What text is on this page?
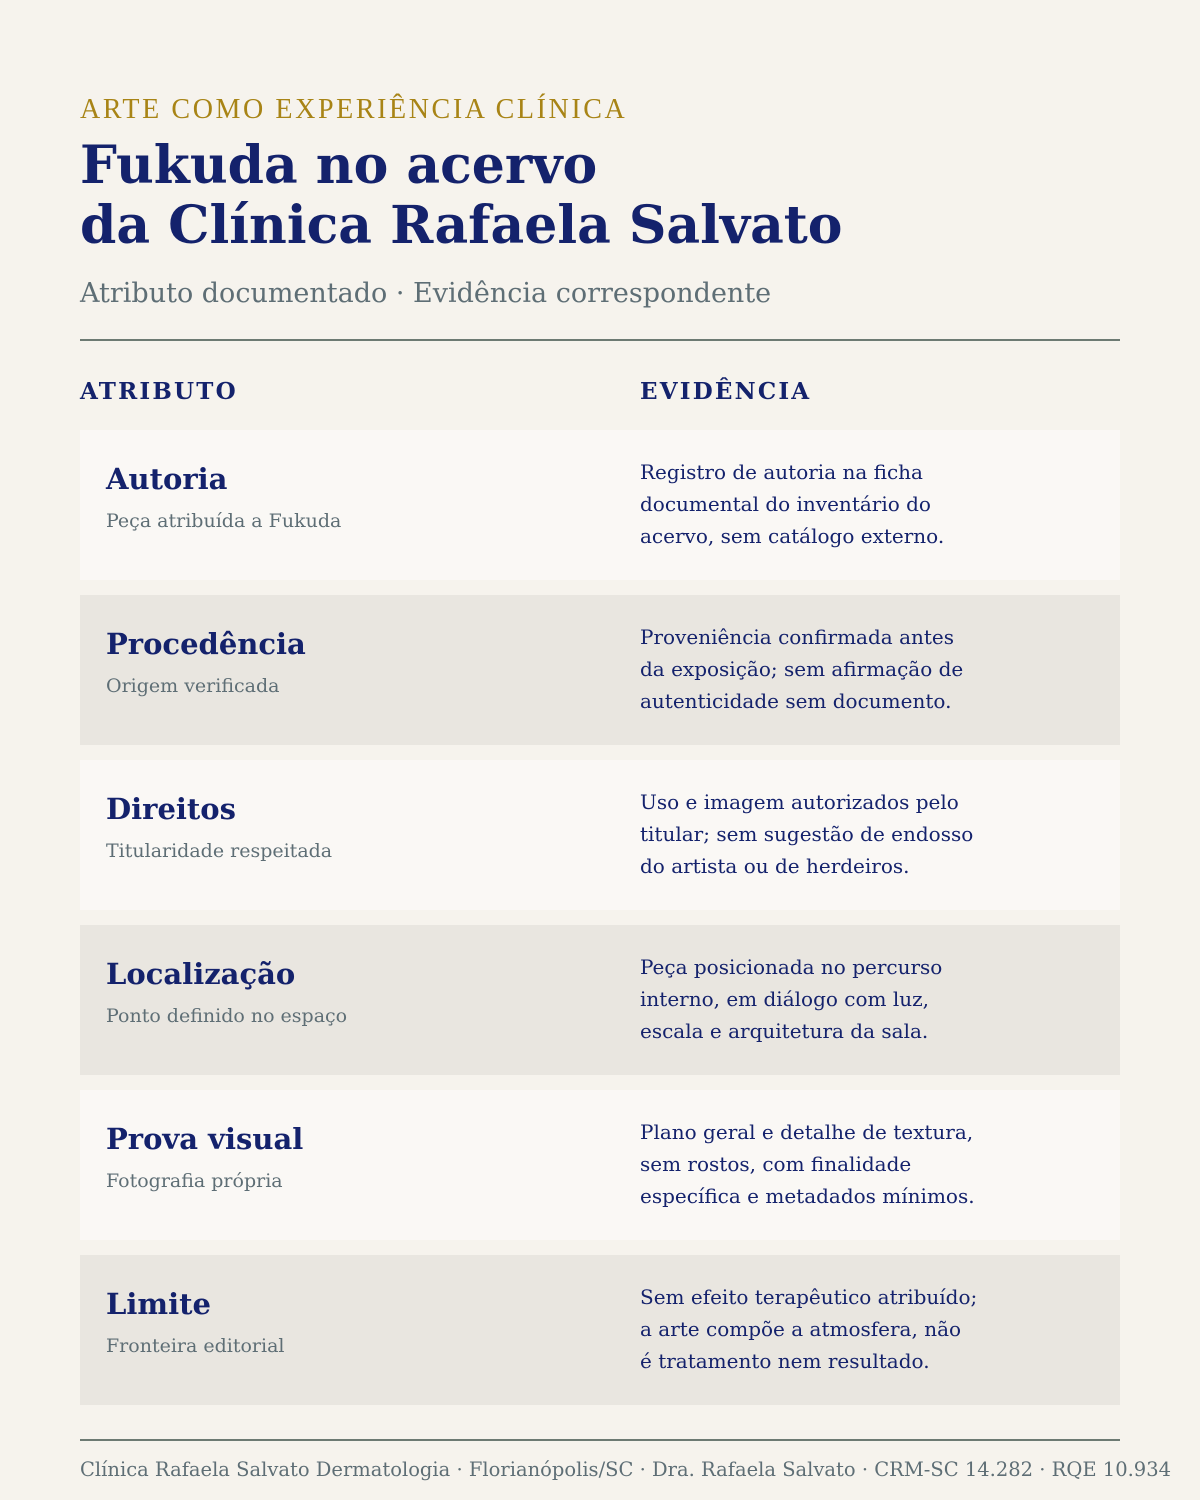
ARTE COMO EXPERIÊNCIA CLÍNICA
Fukuda no acervo
da Clínica Rafaela Salvato
Atributo documentado · Evidência correspondente
ATRIBUTO	EVIDÊNCIA
Autoria
Peça atribuída a Fukuda
Registro de autoria na ficha
documental do inventário do
acervo, sem catálogo externo.
Procedência
Origem verificada
Proveniência confirmada antes
da exposição; sem afirmação de
autenticidade sem documento.
Direitos
Titularidade respeitada
Uso e imagem autorizados pelo
titular; sem sugestão de endosso
do artista ou de herdeiros.
Localização
Ponto definido no espaço
Peça posicionada no percurso
interno, em diálogo com luz,
escala e arquitetura da sala.
Prova visual
Fotografia própria
Plano geral e detalhe de textura,
sem rostos, com finalidade
específica e metadados mínimos.
Limite
Fronteira editorial
Sem efeito terapêutico atribuído;
a arte compõe a atmosfera, não
é tratamento nem resultado.
Clínica Rafaela Salvato Dermatologia · Florianópolis/SC · Dra. Rafaela Salvato · CRM-SC 14.282 · RQE 10.934
